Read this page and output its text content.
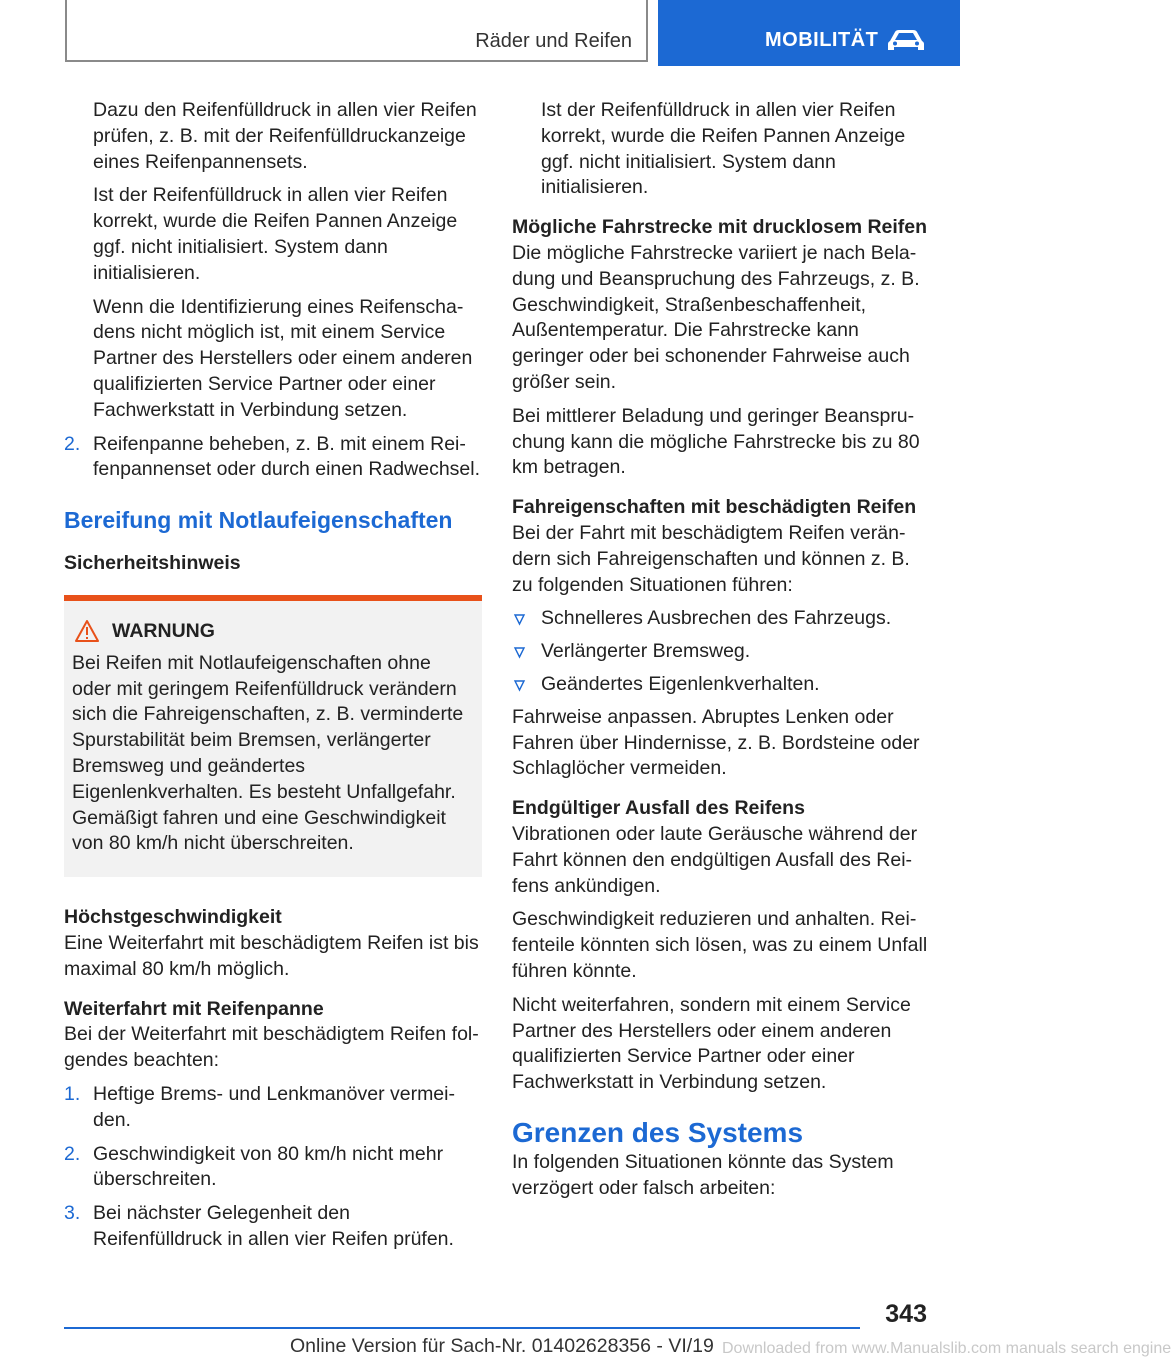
Räder und Reifen	MOBILITÄT

Dazu den Reifenfülldruck in allen vier Reifen prüfen, z. B. mit der Reifenfülldruckanzeige eines Reifenpannensets.

Ist der Reifenfülldruck in allen vier Reifen korrekt, wurde die Reifen Pannen Anzeige ggf. nicht initialisiert. System dann initialisieren.

Wenn die Identifizierung eines Reifenschadens nicht möglich ist, mit einem Service Partner des Herstellers oder einem anderen qualifizierten Service Partner oder einer Fachwerkstatt in Verbindung setzen.

2. Reifenpanne beheben, z. B. mit einem Reifenpannenset oder durch einen Radwechsel.
Bereifung mit Notlaufeigenschaften
Sicherheitshinweis
WARNUNG
Bei Reifen mit Notlaufeigenschaften ohne oder mit geringem Reifenfülldruck verändern sich die Fahreigenschaften, z. B. verminderte Spurstabilität beim Bremsen, verlängerter Bremsweg und geändertes Eigenlenkverhalten. Es besteht Unfallgefahr. Gemäßigt fahren und eine Geschwindigkeit von 80 km/h nicht überschreiten.
Höchstgeschwindigkeit

Eine Weiterfahrt mit beschädigtem Reifen ist bis maximal 80 km/h möglich.

Weiterfahrt mit Reifenpanne

Bei der Weiterfahrt mit beschädigtem Reifen folgendes beachten:

1. Heftige Brems- und Lenkmanöver vermeiden.
2. Geschwindigkeit von 80 km/h nicht mehr überschreiten.
3. Bei nächster Gelegenheit den Reifenfülldruck in allen vier Reifen prüfen.

Ist der Reifenfülldruck in allen vier Reifen korrekt, wurde die Reifen Pannen Anzeige ggf. nicht initialisiert. System dann initialisieren.

Mögliche Fahrstrecke mit drucklosem Reifen

Die mögliche Fahrstrecke variiert je nach Beladung und Beanspruchung des Fahrzeugs, z. B. Geschwindigkeit, Straßenbeschaffenheit, Außentemperatur. Die Fahrstrecke kann geringer oder bei schonender Fahrweise auch größer sein.

Bei mittlerer Beladung und geringer Beanspruchung kann die mögliche Fahrstrecke bis zu 80 km betragen.

Fahreigenschaften mit beschädigten Reifen

Bei der Fahrt mit beschädigtem Reifen verändern sich Fahreigenschaften und können z. B. zu folgenden Situationen führen:

Schnelleres Ausbrechen des Fahrzeugs.
Verlängerter Bremsweg.
Geändertes Eigenlenkverhalten.

Fahrweise anpassen. Abruptes Lenken oder Fahren über Hindernisse, z. B. Bordsteine oder Schlaglöcher vermeiden.

Endgültiger Ausfall des Reifens

Vibrationen oder laute Geräusche während der Fahrt können den endgültigen Ausfall des Reifens ankündigen.

Geschwindigkeit reduzieren und anhalten. Reifenteile könnten sich lösen, was zu einem Unfall führen könnte.

Nicht weiterfahren, sondern mit einem Service Partner des Herstellers oder einem anderen qualifizierten Service Partner oder einer Fachwerkstatt in Verbindung setzen.

Grenzen des Systems

In folgenden Situationen könnte das System verzögert oder falsch arbeiten:

343
Online Version für Sach-Nr. 01402628356 - VI/19 Downloaded from www.Manualslib.com manuals search engine
